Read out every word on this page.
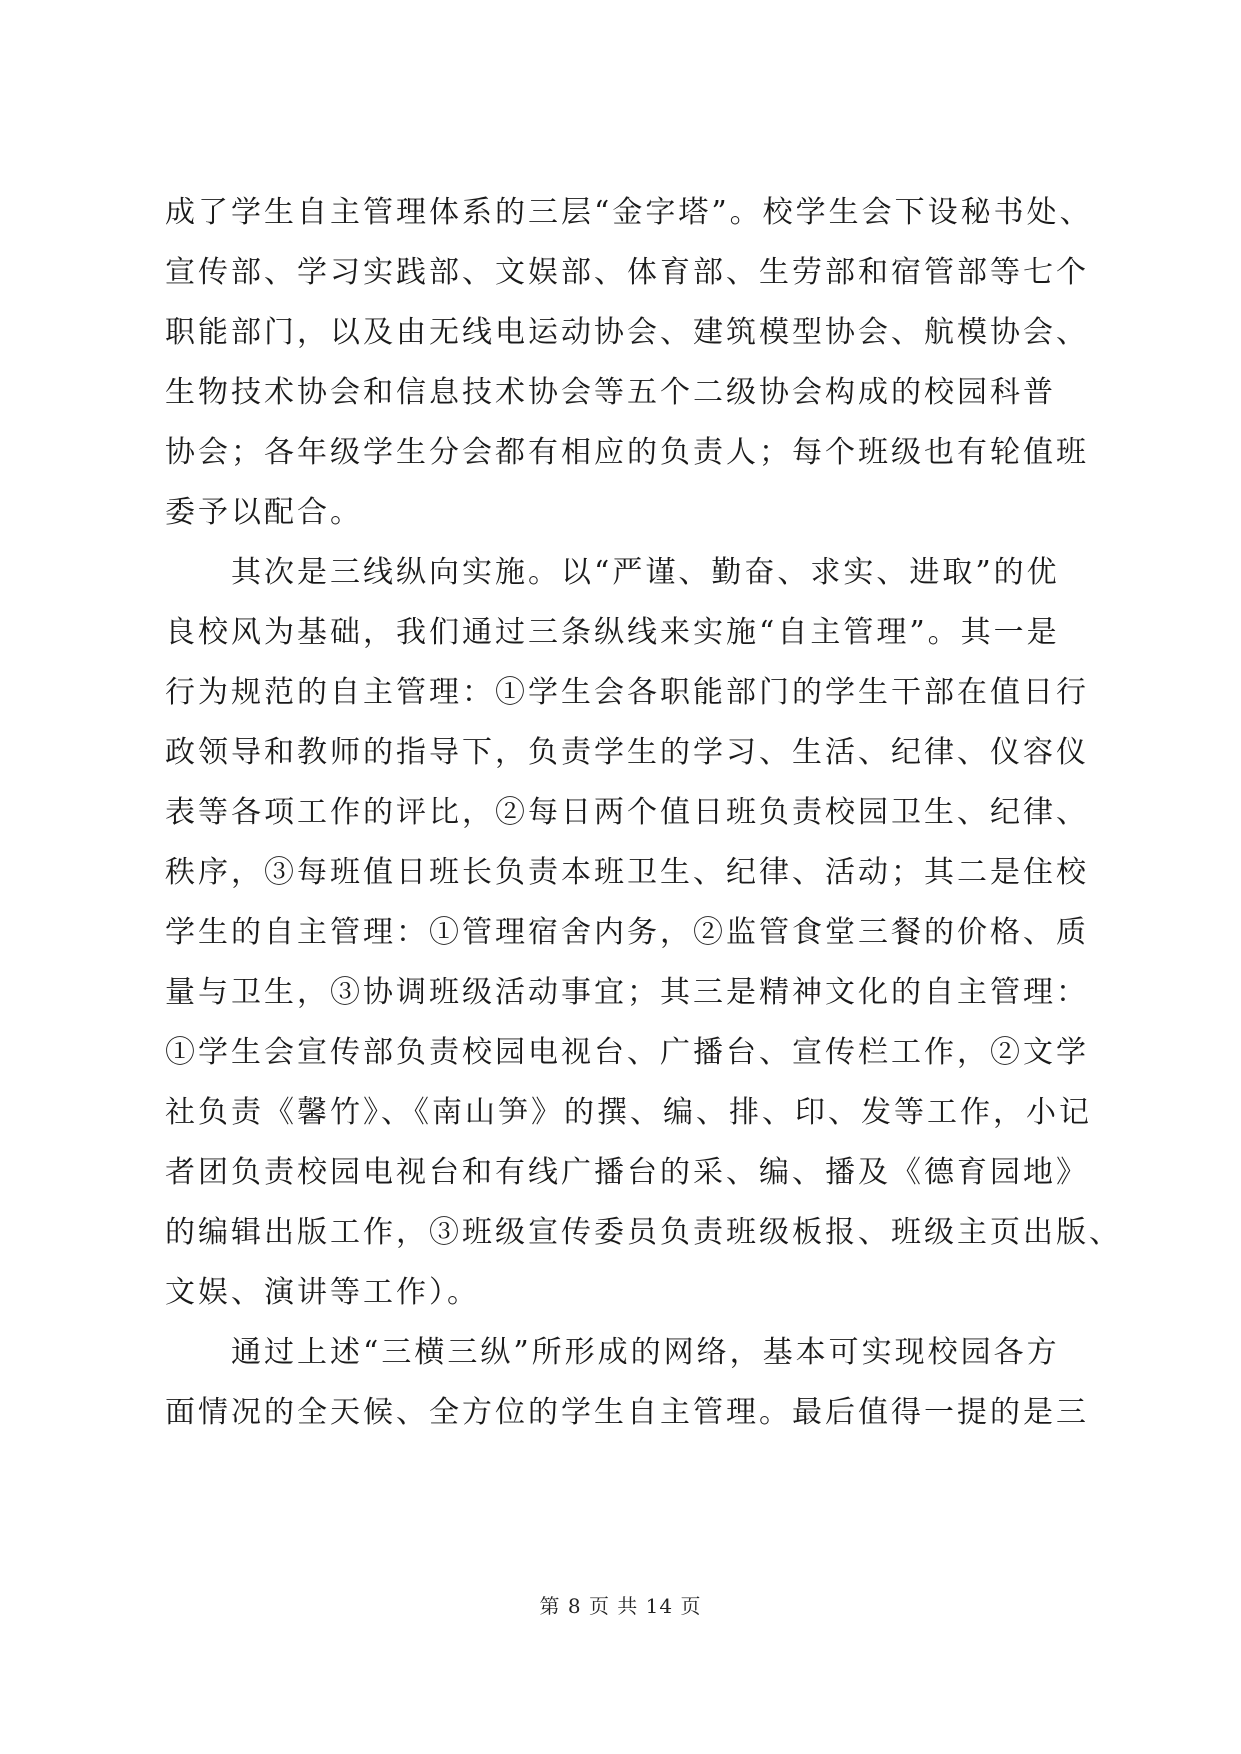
成了学生自主管理体系的三层“金字塔”。校学生会下设秘书处、
宣传部、学习实践部、文娱部、体育部、生劳部和宿管部等七个
职能部门，以及由无线电运动协会、建筑模型协会、航模协会、
生物技术协会和信息技术协会等五个二级协会构成的校园科普
协会；各年级学生分会都有相应的负责人；每个班级也有轮值班
委予以配合。
　　其次是三线纵向实施。以“严谨、勤奋、求实、进取”的优
良校风为基础，我们通过三条纵线来实施“自主管理”。其一是
行为规范的自主管理：①学生会各职能部门的学生干部在值日行
政领导和教师的指导下，负责学生的学习、生活、纪律、仪容仪
表等各项工作的评比，②每日两个值日班负责校园卫生、纪律、
秩序，③每班值日班长负责本班卫生、纪律、活动；其二是住校
学生的自主管理：①管理宿舍内务，②监管食堂三餐的价格、质
量与卫生，③协调班级活动事宜；其三是精神文化的自主管理：
①学生会宣传部负责校园电视台、广播台、宣传栏工作，②文学
社负责《馨竹》、《南山笋》的撰、编、排、印、发等工作，小记
者团负责校园电视台和有线广播台的采、编、播及《德育园地》
的编辑出版工作，③班级宣传委员负责班级板报、班级主页出版、
文娱、演讲等工作）。
　　通过上述“三横三纵”所形成的网络，基本可实现校园各方
面情况的全天候、全方位的学生自主管理。最后值得一提的是三
第 8 页 共 14 页
